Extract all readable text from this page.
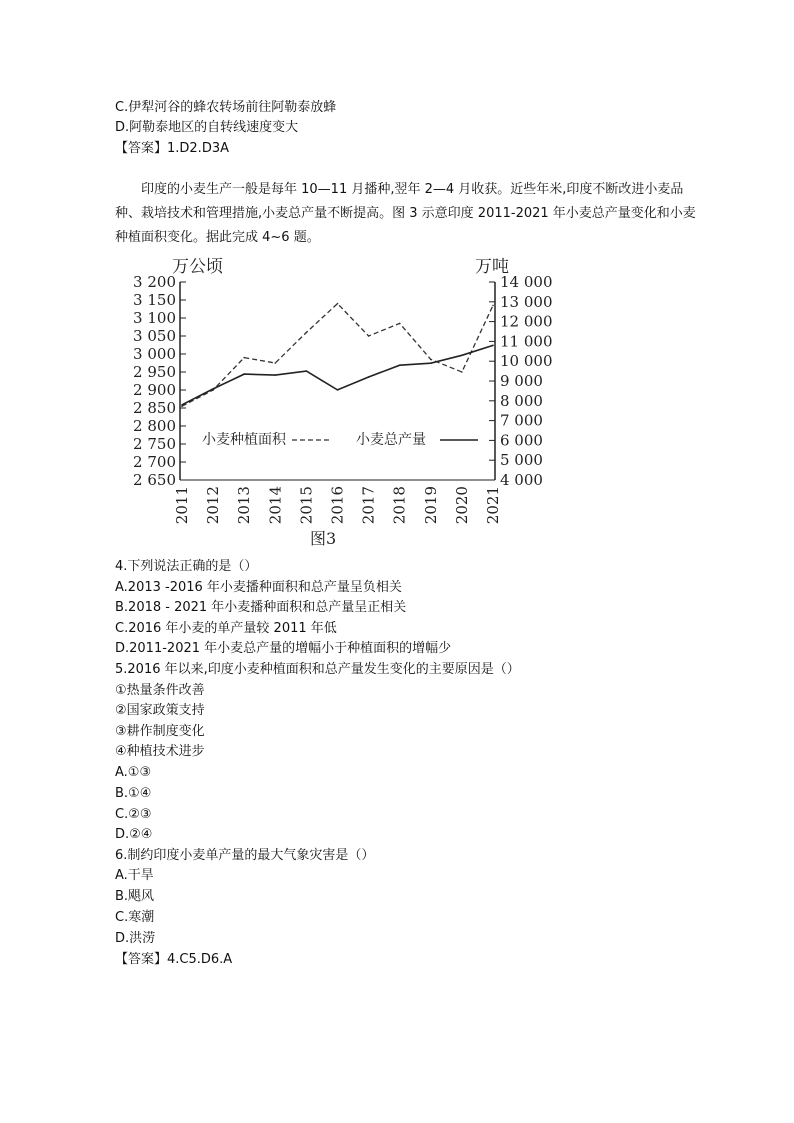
C.伊犁河谷的蜂农转场前往阿勒泰放蜂
D.阿勒泰地区的自转线速度变大
【答案】1.D2.D3A
印度的小麦生产一般是每年 10—11 月播种,翌年 2—4 月收获。近些年米,印度不断改进小麦品种、栽培技术和管理措施,小麦总产量不断提高。图 3 示意印度 2011-2021 年小麦总产量变化和小麦种植面积变化。据此完成 4~6 题。
万公顷	万吨
3 200
3 150
3 100
3 050
3 000
2 950
2 900
2 850
2 800
2 750
2 700
2 650
14 000
13 000
12 000
11 000
10 000
9 000
8 000
7 000
6 000
5 000
4 000
2011 2012 2013 2014 2015 2016 2017 2018 2019 2020 2021
小麦种植面积	小麦总产量
图3
4.下列说法正确的是（）
A.2013 -2016 年小麦播种面积和总产量呈负相关
B.2018 - 2021 年小麦播种面积和总产量呈正相关
C.2016 年小麦的单产量较 2011 年低
D.2011-2021 年小麦总产量的增幅小于种植面积的增幅少
5.2016 年以来,印度小麦种植面积和总产量发生变化的主要原因是（）
①热量条件改善
②国家政策支持
③耕作制度变化
④种植技术进步
A.①③
B.①④
C.②③
D.②④
6.制约印度小麦单产量的最大气象灾害是（）
A.干旱
B.飓风
C.寒潮
D.洪涝
【答案】4.C5.D6.A
